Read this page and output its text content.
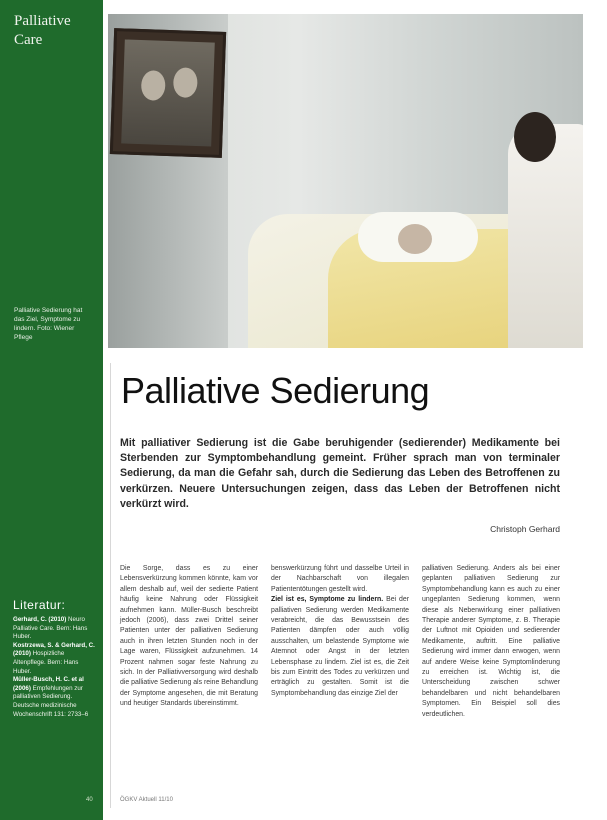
Palliative
Care
Palliative Sedierung hat das Ziel, Symptome zu lindern. Foto: Wiener Pflege
Literatur:
Gerhard, C. (2010) Neuro Palliative Care. Bern: Hans Huber.
Kostrzewa, S. & Gerhard, C. (2010) Hospizliche Altenpflege. Bern: Hans Huber.
Müller-Busch, H. C. et al (2006) Empfehlungen zur palliativen Sedierung. Deutsche medizinische Wochenschrift 131: 2733–6
40
Palliative Sedierung
Mit palliativer Sedierung ist die Gabe beruhigender (sedierender) Medikamente bei Sterbenden zur Symptombehandlung gemeint. Früher sprach man von terminaler Sedierung, da man die Gefahr sah, durch die Sedierung das Leben des Betroffenen zu verkürzen. Neuere Untersuchungen zeigen, dass das Leben der Betroffenen nicht verkürzt wird.
Christoph Gerhard
Die Sorge, dass es zu einer Lebensverkürzung kommen könnte, kam vor allem deshalb auf, weil der sedierte Patient häufig keine Nahrung oder Flüssigkeit aufnehmen kann. Müller-Busch beschreibt jedoch (2006), dass zwei Drittel seiner Patienten unter der palliativen Sedierung auch in ihren letzten Stunden noch in der Lage waren, Flüssigkeit aufzunehmen. 14 Prozent nahmen sogar feste Nahrung zu sich. In der Palliativversorgung wird deshalb die palliative Sedierung als reine Behandlung der Symptome angesehen, die mit Beratung und heutiger Standards übereinstimmt.
benswerkürzung führt und dasselbe Urteil in der Nachbarschaft von illegalen Patiententötungen gestellt wird.
Ziel ist es, Symptome zu lindern. Bei der palliativen Sedierung werden Medikamente verabreicht, die das Bewusstsein des Patienten dämpfen oder auch völlig ausschalten, um belastende Symptome wie Atemnot oder Angst in der letzten Lebensphase zu lindern. Ziel ist es, die Zeit bis zum Eintritt des Todes zu verkürzen und erträglich zu gestalten. Somit ist die Symptombehandlung das einzige Ziel der
palliativen Sedierung. Anders als bei einer geplanten palliativen Sedierung zur Symptombehandlung kann es auch zu einer ungeplanten Sedierung kommen, wenn diese als Nebenwirkung einer palliativen Therapie anderer Symptome, z. B. Therapie der Luftnot mit Opioiden und sedierender Medikamente, auftritt. Eine palliative Sedierung wird immer dann erwogen, wenn auf andere Weise keine Symptomlinderung zu erreichen ist. Wichtig ist, die Unterscheidung zwischen schwer behandelbaren und nicht behandelbaren Symptomen. Ein Beispiel soll dies verdeutlichen.
ÖGKV Aktuell 11/10
